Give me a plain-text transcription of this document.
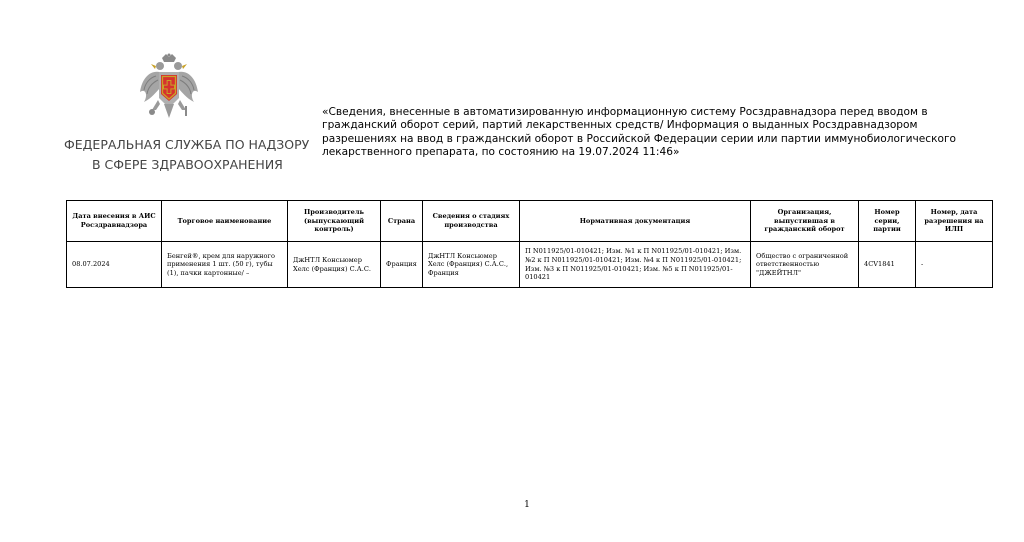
ФЕДЕРАЛЬНАЯ СЛУЖБА ПО НАДЗОРУ
В СФЕРЕ ЗДРАВООХРАНЕНИЯ
«Сведения, внесенные в автоматизированную информационную систему Росздравнадзора перед вводом в гражданский оборот серий, партий лекарственных средств/ Информация о выданных Росздравнадзором разрешениях на ввод в гражданский оборот в Российской Федерации серии или партии иммунобиологического лекарственного препарата, по состоянию на 19.07.2024 11:46»
Дата внесения в АИС Росздравнадзора	Торговое наименование	Производитель (выпускающий контроль)	Страна	Сведения о стадиях производства	Нормативная документация	Организация, выпустившая в гражданский оборот	Номер серии, партии	Номер, дата разрешения на ИЛП
08.07.2024	Бенгей®, крем для наружного применения 1 шт. (50 г), тубы (1), пачки картонные/ –	ДжНТЛ Консьюмер Хелс (Франция) С.А.С.	Франция	ДжНТЛ Консьюмер Хелс (Франция) С.А.С., Франция	П N011925/01-010421; Изм. №1 к П N011925/01-010421; Изм. №2 к П N011925/01-010421; Изм. №4 к П N011925/01-010421; Изм. №3 к П N011925/01-010421; Изм. №5 к П N011925/01-010421	Общество с ограниченной ответственностью "ДЖЕЙТНЛ"	4CV1841	-
1
